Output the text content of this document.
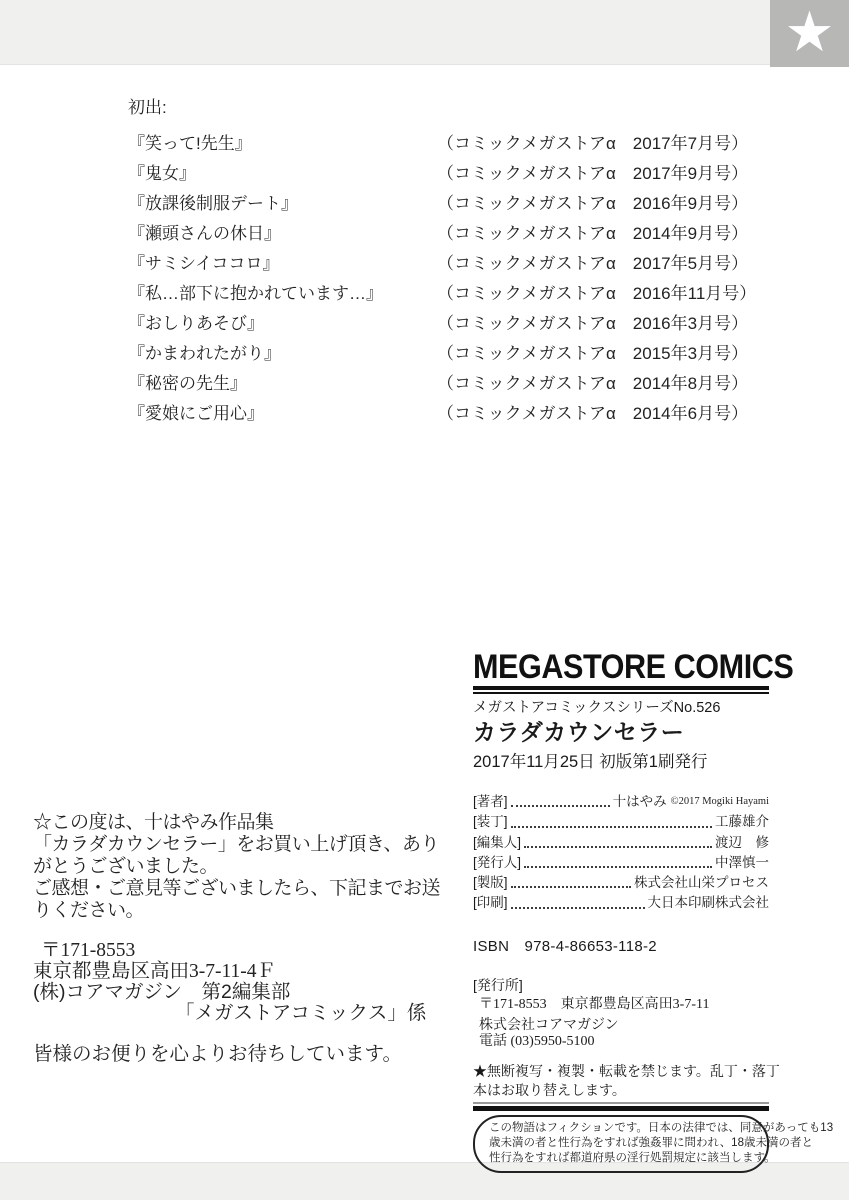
★
初出:
『笑って!先生』	（コミックメガストアα　2017年7月号）
『鬼女』	（コミックメガストアα　2017年9月号）
『放課後制服デート』	（コミックメガストアα　2016年9月号）
『瀬頭さんの休日』	（コミックメガストアα　2014年9月号）
『サミシイココロ』	（コミックメガストアα　2017年5月号）
『私…部下に抱かれています…』	（コミックメガストアα　2016年11月号）
『おしりあそび』	（コミックメガストアα　2016年3月号）
『かまわれたがり』	（コミックメガストアα　2015年3月号）
『秘密の先生』	（コミックメガストアα　2014年8月号）
『愛娘にご用心』	（コミックメガストアα　2014年6月号）
☆この度は、十はやみ作品集
「カラダカウンセラー」をお買い上げ頂き、あり
がとうございました。
ご感想・ご意見等ございましたら、下記までお送
りください。
〒171-8553
東京都豊島区高田3-7-11-4Ｆ
(株)コアマガジン　第2編集部
「メガストアコミックス」係
皆様のお便りを心よりお待ちしています。
MEGASTORE COMICS
メガストアコミックスシリーズNo.526
カラダカウンセラー
2017年11月25日 初版第1刷発行
[著者]	十はやみ ©2017 Mogiki Hayami
[装丁]	工藤雄介
[編集人]	渡辺　修
[発行人]	中澤慎一
[製版]	株式会社山栄プロセス
[印刷]	大日本印刷株式会社
ISBN　978-4-86653-118-2
[発行所]
〒171-8553　東京都豊島区高田3-7-11
株式会社コアマガジン
電話 (03)5950-5100
★無断複写・複製・転載を禁じます。乱丁・落丁
本はお取り替えします。
この物語はフィクションです。日本の法律では、同意があっても13
歳未満の者と性行為をすれば強姦罪に問われ、18歳未満の者と
性行為をすれば都道府県の淫行処罰規定に該当します。
